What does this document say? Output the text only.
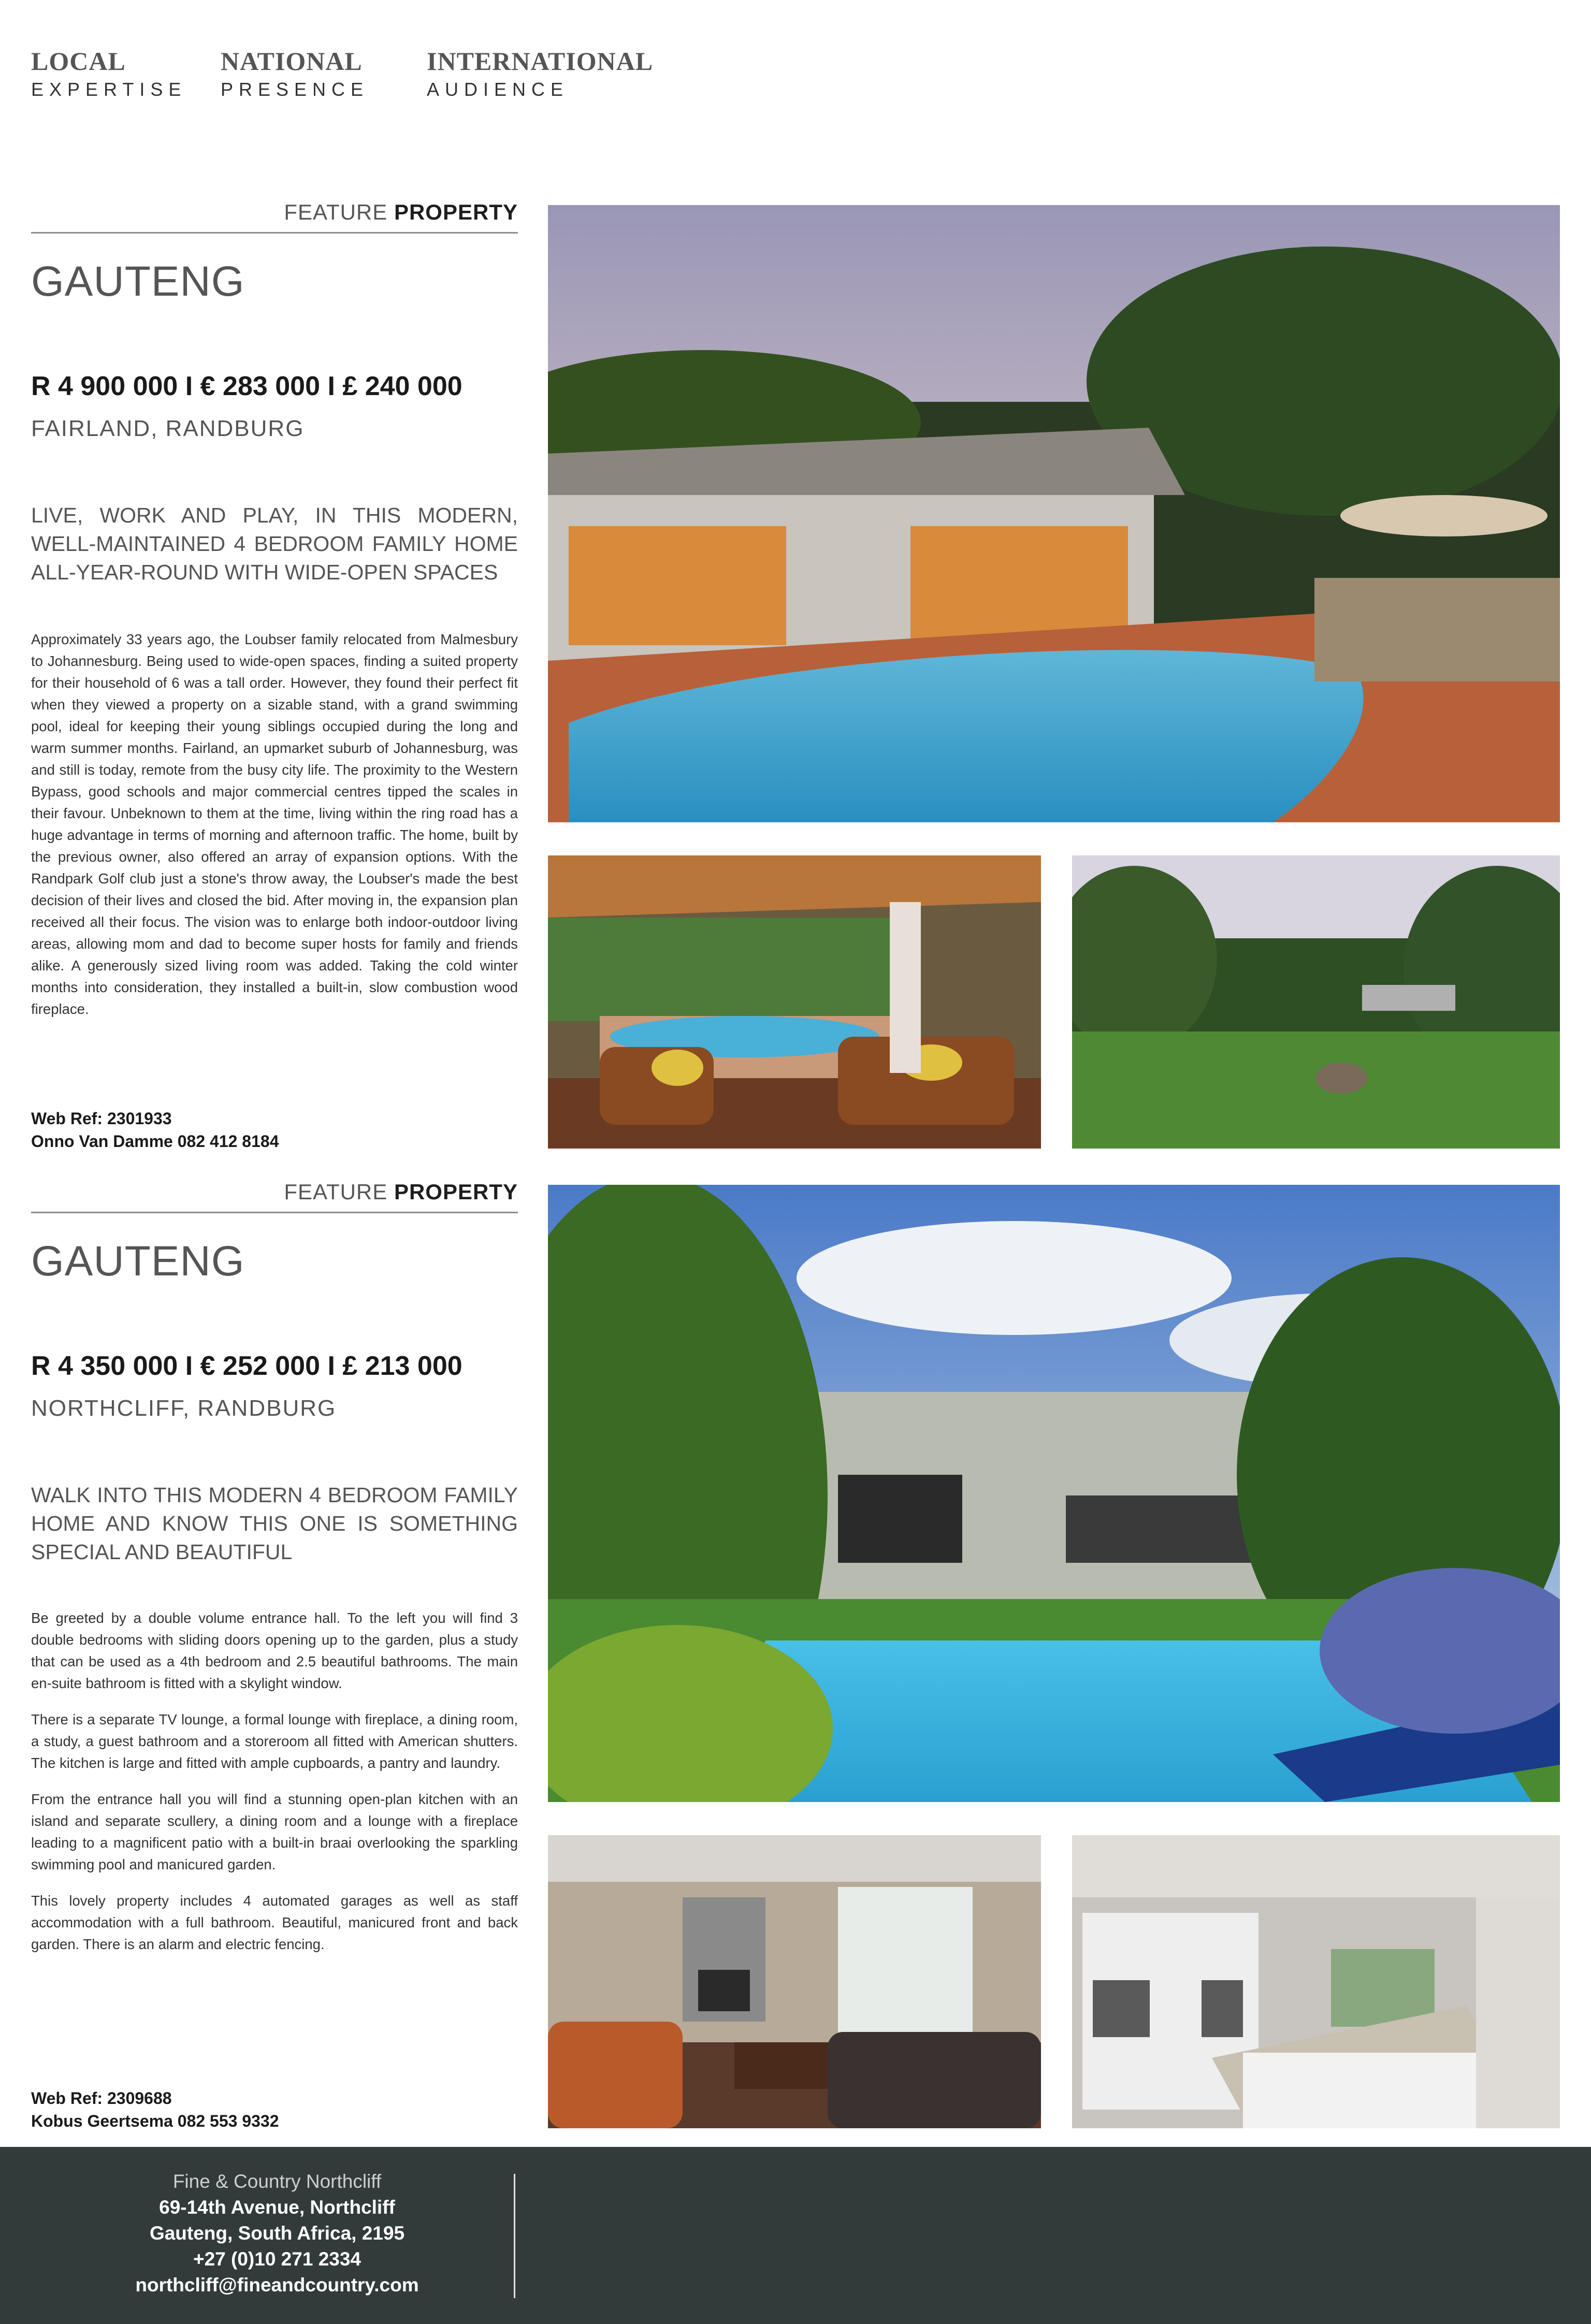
LOCAL
EXPERTISE
NATIONAL
PRESENCE
INTERNATIONAL
AUDIENCE
FEATURE PROPERTY
GAUTENG
R 4 900 000 I € 283 000 I £ 240 000
FAIRLAND, RANDBURG
LIVE, WORK AND PLAY, IN THIS MODERN, WELL-MAINTAINED 4 BEDROOM FAMILY HOME ALL-YEAR-ROUND WITH WIDE-OPEN SPACES

Approximately 33 years ago, the Loubser family relocated from Malmesbury to Johannesburg. Being used to wide-open spaces, finding a suited property for their household of 6 was a tall order. However, they found their perfect fit when they viewed a property on a sizable stand, with a grand swimming pool, ideal for keeping their young siblings occupied during the long and warm summer months. Fairland, an upmarket suburb of Johannesburg, was and still is today, remote from the busy city life. The proximity to the Western Bypass, good schools and major commercial centres tipped the scales in their favour. Unbeknown to them at the time, living within the ring road has a huge advantage in terms of morning and afternoon traffic. The home, built by the previous owner, also offered an array of expansion options. With the Randpark Golf club just a stone's throw away, the Loubser's made the best decision of their lives and closed the bid. After moving in, the expansion plan received all their focus. The vision was to enlarge both indoor-outdoor living areas, allowing mom and dad to become super hosts for family and friends alike. A generously sized living room was added. Taking the cold winter months into consideration, they installed a built-in, slow combustion wood fireplace.

Web Ref: 2301933
Onno Van Damme 082 412 8184
FEATURE PROPERTY
GAUTENG
R 4 350 000 I € 252 000 I £ 213 000
NORTHCLIFF, RANDBURG
WALK INTO THIS MODERN 4 BEDROOM FAMILY HOME AND KNOW THIS ONE IS SOMETHING SPECIAL AND BEAUTIFUL

Be greeted by a double volume entrance hall. To the left you will find 3 double bedrooms with sliding doors opening up to the garden, plus a study that can be used as a 4th bedroom and 2.5 beautiful bathrooms. The main en-suite bathroom is fitted with a skylight window.

There is a separate TV lounge, a formal lounge with fireplace, a dining room, a study, a guest bathroom and a storeroom all fitted with American shutters. The kitchen is large and fitted with ample cupboards, a pantry and laundry.

From the entrance hall you will find a stunning open-plan kitchen with an island and separate scullery, a dining room and a lounge with a fireplace leading to a magnificent patio with a built-in braai overlooking the sparkling swimming pool and manicured garden.

This lovely property includes 4 automated garages as well as staff accommodation with a full bathroom. Beautiful, manicured front and back garden. There is an alarm and electric fencing.

Web Ref: 2309688
Kobus Geertsema 082 553 9332
Fine & Country Northcliff
69-14th Avenue, Northcliff
Gauteng, South Africa, 2195
+27 (0)10 271 2334
northcliff@fineandcountry.com
